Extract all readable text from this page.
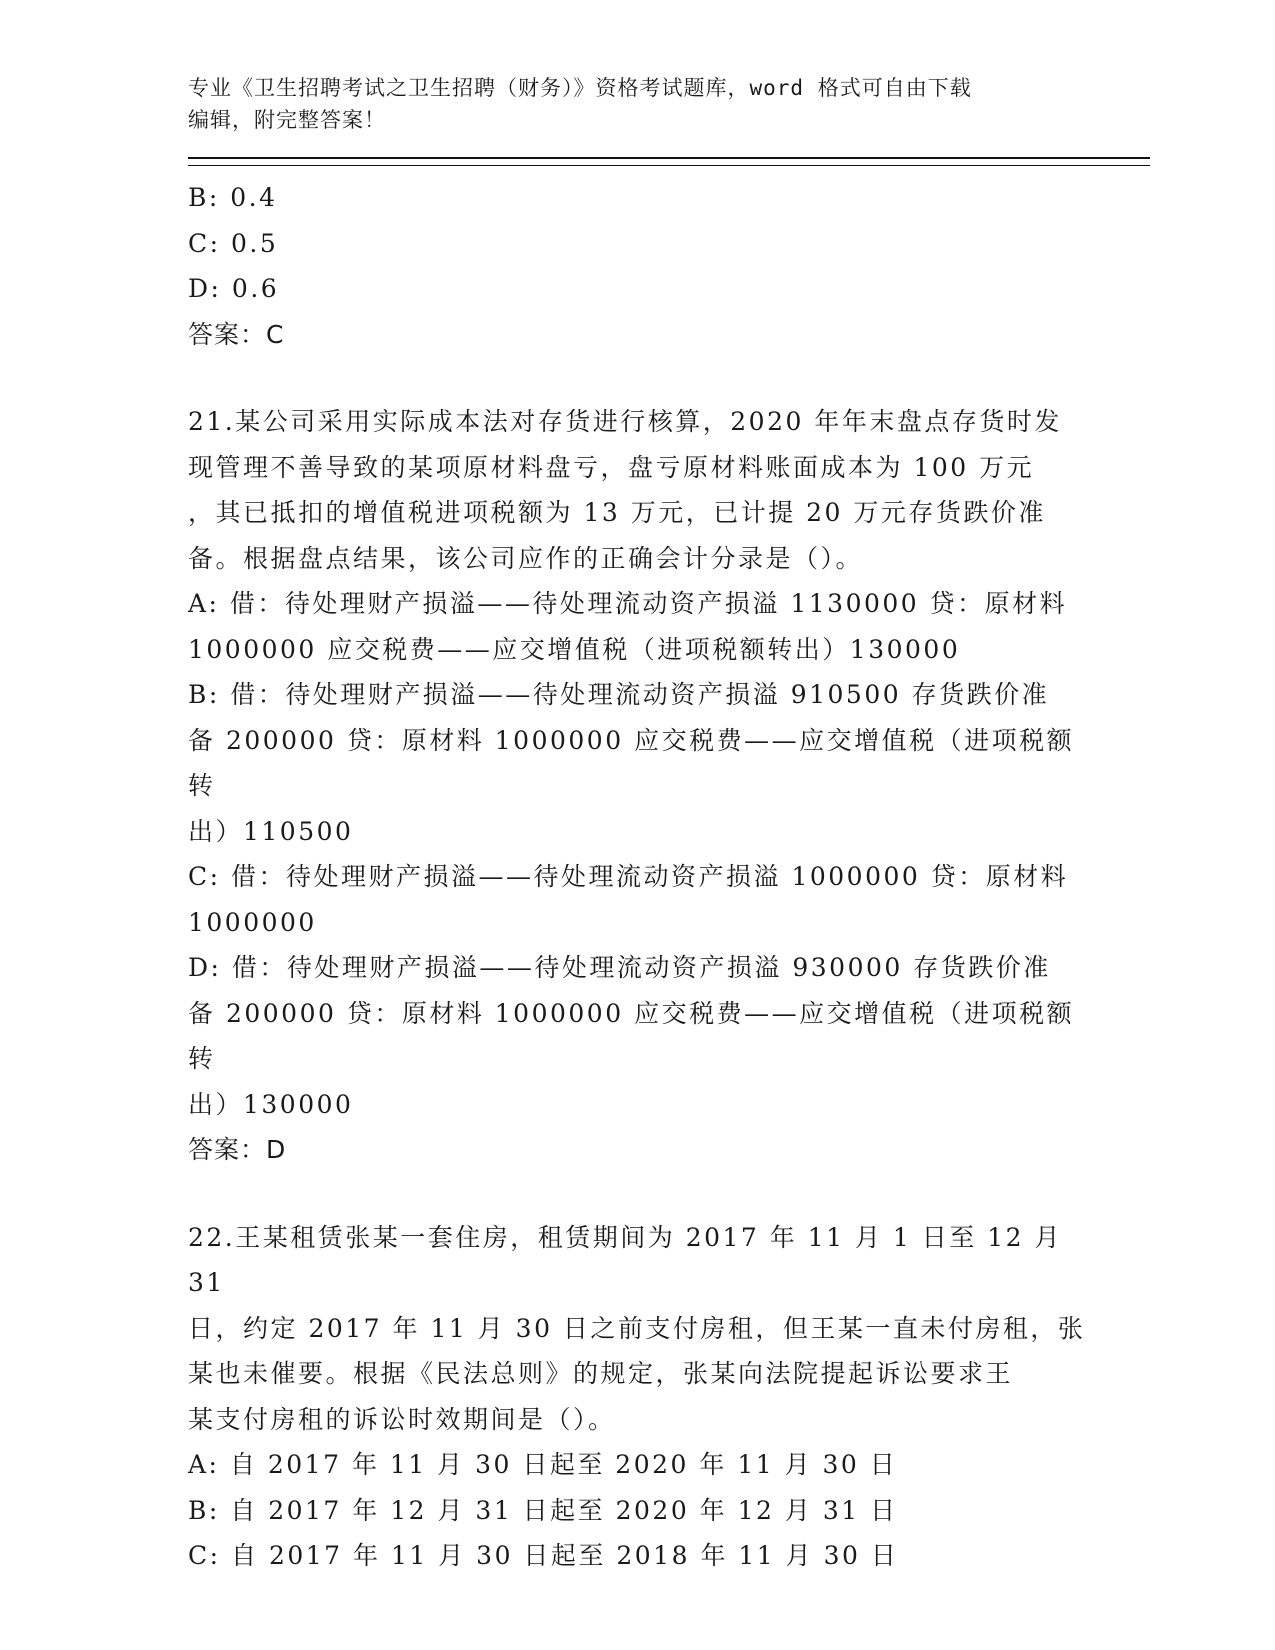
专业《卫生招聘考试之卫生招聘（财务）》资格考试题库，word 格式可自由下载
编辑，附完整答案！
B: 0.4
C: 0.5
D: 0.6
答案：C
21.某公司采用实际成本法对存货进行核算，2020 年年末盘点存货时发
现管理不善导致的某项原材料盘亏，盘亏原材料账面成本为 100 万元
，其已抵扣的增值税进项税额为 13 万元，已计提 20 万元存货跌价准
备。根据盘点结果，该公司应作的正确会计分录是（）。
A: 借：待处理财产损溢——待处理流动资产损溢 1130000 贷：原材料
1000000 应交税费——应交增值税（进项税额转出）130000
B: 借：待处理财产损溢——待处理流动资产损溢 910500 存货跌价准
备 200000 贷：原材料 1000000 应交税费——应交增值税（进项税额转
出）110500
C: 借：待处理财产损溢——待处理流动资产损溢 1000000 贷：原材料
1000000
D: 借：待处理财产损溢——待处理流动资产损溢 930000 存货跌价准
备 200000 贷：原材料 1000000 应交税费——应交增值税（进项税额转
出）130000
答案：D
22.王某租赁张某一套住房，租赁期间为 2017 年 11 月 1 日至 12 月 31
日，约定 2017 年 11 月 30 日之前支付房租，但王某一直未付房租，张
某也未催要。根据《民法总则》的规定，张某向法院提起诉讼要求王
某支付房租的诉讼时效期间是（）。
A: 自 2017 年 11 月 30 日起至 2020 年 11 月 30 日
B: 自 2017 年 12 月 31 日起至 2020 年 12 月 31 日
C: 自 2017 年 11 月 30 日起至 2018 年 11 月 30 日
